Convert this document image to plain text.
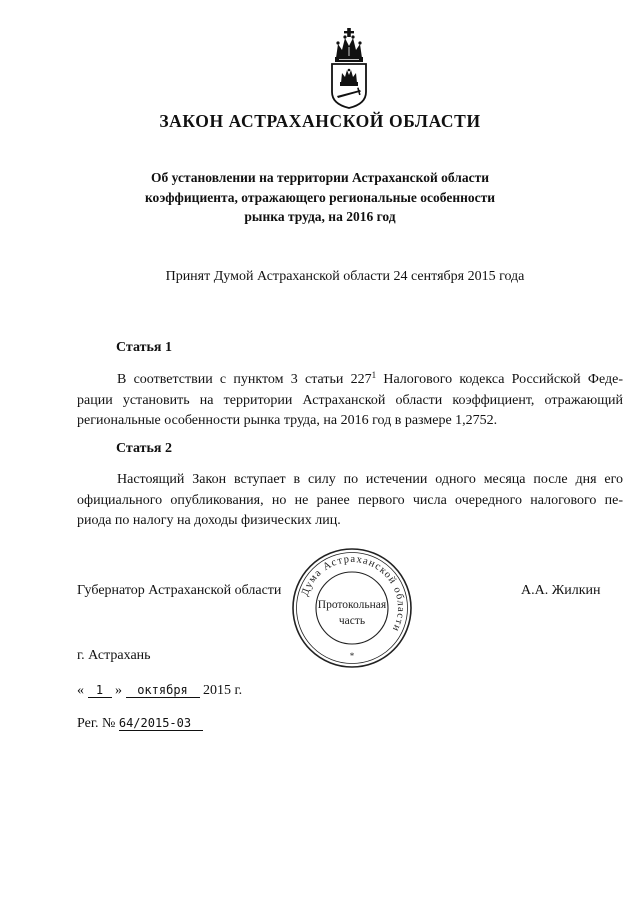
ЗАКОН АСТРАХАНСКОЙ ОБЛАСТИ
Об установлении на территории Астраханской области
коэффициента, отражающего региональные особенности
рынка труда, на 2016 год
Принят Думой Астраханской области 24 сентября 2015 года
Статья 1
В соответствии с пунктом 3 статьи $227^1$ Налогового кодекса Российской Феде-
рации установить на территории Астраханской области коэффициент, отражающий
региональные особенности рынка труда, на 2016 год в размере 1,2752.
Статья 2
Настоящий Закон вступает в силу по истечении одного месяца после дня его
официального опубликования, но не ранее первого числа очередного налогового пе-
риода по налогу на доходы физических лиц.
Губернатор Астраханской области	А.А. Жилкин
Дума Астраханской области
Протокольная
часть
*
г. Астрахань
« 1 » октября 2015 г.
Рег. № 64/2015-03
